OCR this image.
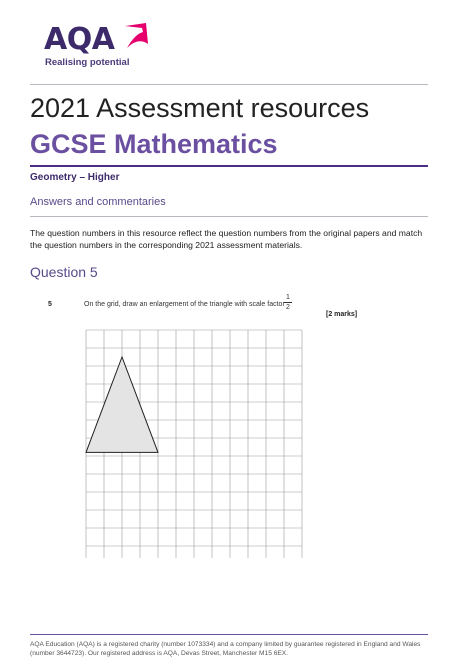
AQA
Realising potential
2021 Assessment resources
GCSE Mathematics
Geometry – Higher
Answers and commentaries
The question numbers in this resource reflect the question numbers from the original papers and match the question numbers in the corresponding 2021 assessment materials.
Question 5
5	On the grid, draw an enlargement of the triangle with scale factor $\frac{1}{2}$
[2 marks]
AQA Education (AQA) is a registered charity (number 1073334) and a company limited by guarantee registered in England and Wales (number 3644723). Our registered address is AQA, Devas Street, Manchester M15 6EX.
